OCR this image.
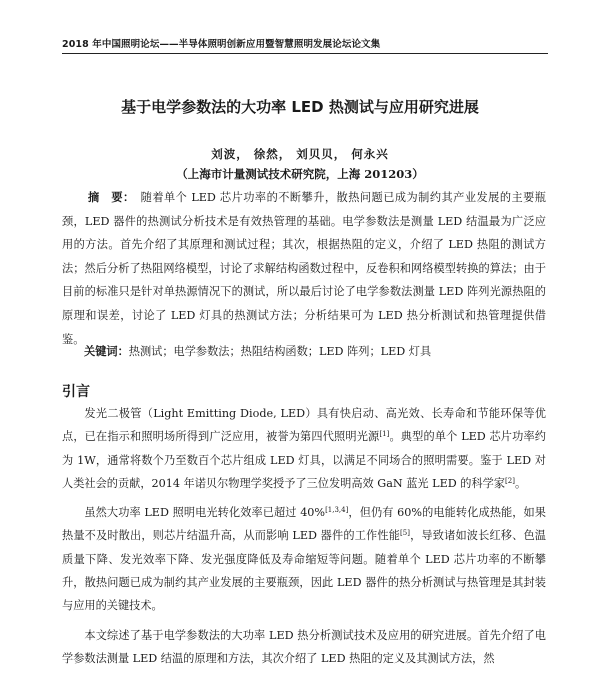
2018 年中国照明论坛——半导体照明创新应用暨智慧照明发展论坛论文集
基于电学参数法的大功率 LED 热测试与应用研究进展
刘波， 徐然， 刘贝贝， 何永兴
（上海市计量测试技术研究院，上海 201203）
摘　要： 随着单个 LED 芯片功率的不断攀升，散热问题已成为制约其产业发展的主要瓶颈，LED 器件的热测试分析技术是有效热管理的基础。电学参数法是测量 LED 结温最为广泛应用的方法。首先介绍了其原理和测试过程；其次，根据热阻的定义，介绍了 LED 热阻的测试方法；然后分析了热阻网络模型，讨论了求解结构函数过程中，反卷积和网络模型转换的算法；由于目前的标准只是针对单热源情况下的测试，所以最后讨论了电学参数法测量 LED 阵列光源热阻的原理和误差，讨论了 LED 灯具的热测试方法；分析结果可为 LED 热分析测试和热管理提供借鉴。
关键词：热测试；电学参数法；热阻结构函数；LED 阵列；LED 灯具
引言

发光二极管（Light Emitting Diode, LED）具有快启动、高光效、长寿命和节能环保等优点，已在指示和照明场所得到广泛应用，被誉为第四代照明光源[1]。典型的单个 LED 芯片功率约为 1W，通常将数个乃至数百个芯片组成 LED 灯具，以满足不同场合的照明需要。鉴于 LED 对人类社会的贡献，2014 年诺贝尔物理学奖授予了三位发明高效 GaN 蓝光 LED 的科学家[2]。

虽然大功率 LED 照明电光转化效率已超过 40%[1,3,4]，但仍有 60%的电能转化成热能，如果热量不及时散出，则芯片结温升高，从而影响 LED 器件的工作性能[5]，导致诸如波长红移、色温质量下降、发光效率下降、发光强度降低及寿命缩短等问题。随着单个 LED 芯片功率的不断攀升，散热问题已成为制约其产业发展的主要瓶颈，因此 LED 器件的热分析测试与热管理是其封装与应用的关键技术。

本文综述了基于电学参数法的大功率 LED 热分析测试技术及应用的研究进展。首先介绍了电学参数法测量 LED 结温的原理和方法，其次介绍了 LED 热阻的定义及其测试方法，然
